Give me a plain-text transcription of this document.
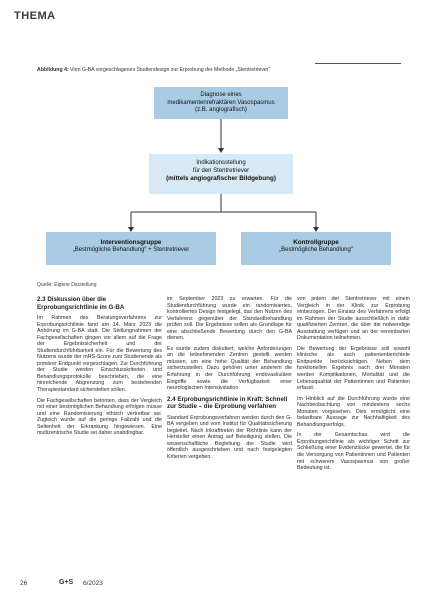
THEMA
Abbildung 4: Vom G-BA vorgeschlagenes Studiendesign zur Erprobung der Methode „Stentretriever“
Diagnose eines
medikamentenrefraktären Vasospasmus
(z.B. angiografisch)
Indikationsstellung
für den Stentretriever
(mittels angiografischer Bildgebung)
Interventionsgruppe
„Bestmögliche Behandlung“ + Stentretriever
Kontrollgruppe
„Bestmögliche Behandlung“
Quelle: Eigene Darstellung
2.3 Diskussion über die Erprobungsrichtlinie im G-BA

Im Rahmen des Beratungsverfahrens zur Erprobungsrichtlinie fand am 14. März 2023 die Anhörung im G-BA statt. Die Stellungnahmen der Fachgesellschaften gingen vor allem auf die Frage der Ergebnissicherheit und der Studiendurchführbarkeit ein. Für die Bewertung des Nutzens wurde der mRS-Score zum Studienende als primärer Endpunkt vorgeschlagen. Zur Durchführung der Studie werden Einschlusskriterien und Behandlungsprotokolle beschrieben, die eine hinreichende Abgrenzung zum bestehenden Therapiestandard sicherstellen sollen.

Die Fachgesellschaften betonten, dass der Vergleich mit einer bestmöglichen Behandlung erfolgen müsse und eine Randomisierung ethisch vertretbar sei. Zugleich wurde auf die geringe Fallzahl und die Seltenheit der Erkrankung hingewiesen. Eine multizentrische Studie sei daher unabdingbar.

im September 2023 zu erwarten. Für die Studiendurchführung wurde ein randomisiertes, kontrolliertes Design festgelegt, das den Nutzen des Verfahrens gegenüber der Standardbehandlung prüfen soll. Die Ergebnisse sollen als Grundlage für eine abschließende Bewertung durch den G-BA dienen.

Es wurde zudem diskutiert, welche Anforderungen an die teilnehmenden Zentren gestellt werden müssen, um eine hohe Qualität der Behandlung sicherzustellen. Dazu gehören unter anderem die Erfahrung in der Durchführung endovaskulärer Eingriffe sowie die Verfügbarkeit einer neurologischen Intensivstation.

2.4 Erprobungsrichtlinie in Kraft: Schnell zur Studie – die Erprobung verfahren

Standard Erprobungsverfahren werden durch den G-BA vergeben und vom Institut für Qualitätssicherung begleitet. Nach Inkrafttreten der Richtlinie kann der Hersteller einen Antrag auf Beteiligung stellen. Die wissenschaftliche Begleitung der Studie wird öffentlich ausgeschrieben und nach festgelegten Kriterien vergeben.

von jedem der Stentretriever mit einem Vergleich in der Klinik zur Erprobung einbezogen. Der Einsatz des Verfahrens erfolgt im Rahmen der Studie ausschließlich in dafür qualifizierten Zentren, die über die notwendige Ausstattung verfügen und an der vereinbarten Dokumentation teilnehmen.

Die Bewertung der Ergebnisse soll sowohl klinische als auch patientenberichtete Endpunkte berücksichtigen. Neben dem funktionellen Ergebnis nach drei Monaten werden Komplikationen, Mortalität und die Lebensqualität der Patientinnen und Patienten erfasst.

Im Hinblick auf die Durchführung wurde eine Nachbeobachtung von mindestens sechs Monaten vorgesehen. Dies ermöglicht eine belastbare Aussage zur Nachhaltigkeit des Behandlungserfolgs.

In der Gesamtschau wird die Erprobungsrichtlinie als wichtiger Schritt zur Schließung einer Evidenzlücke gewertet, die für die Versorgung von Patientinnen und Patienten mit schwerem Vasospasmus von großer Bedeutung ist.

26	G+S 6/2023
